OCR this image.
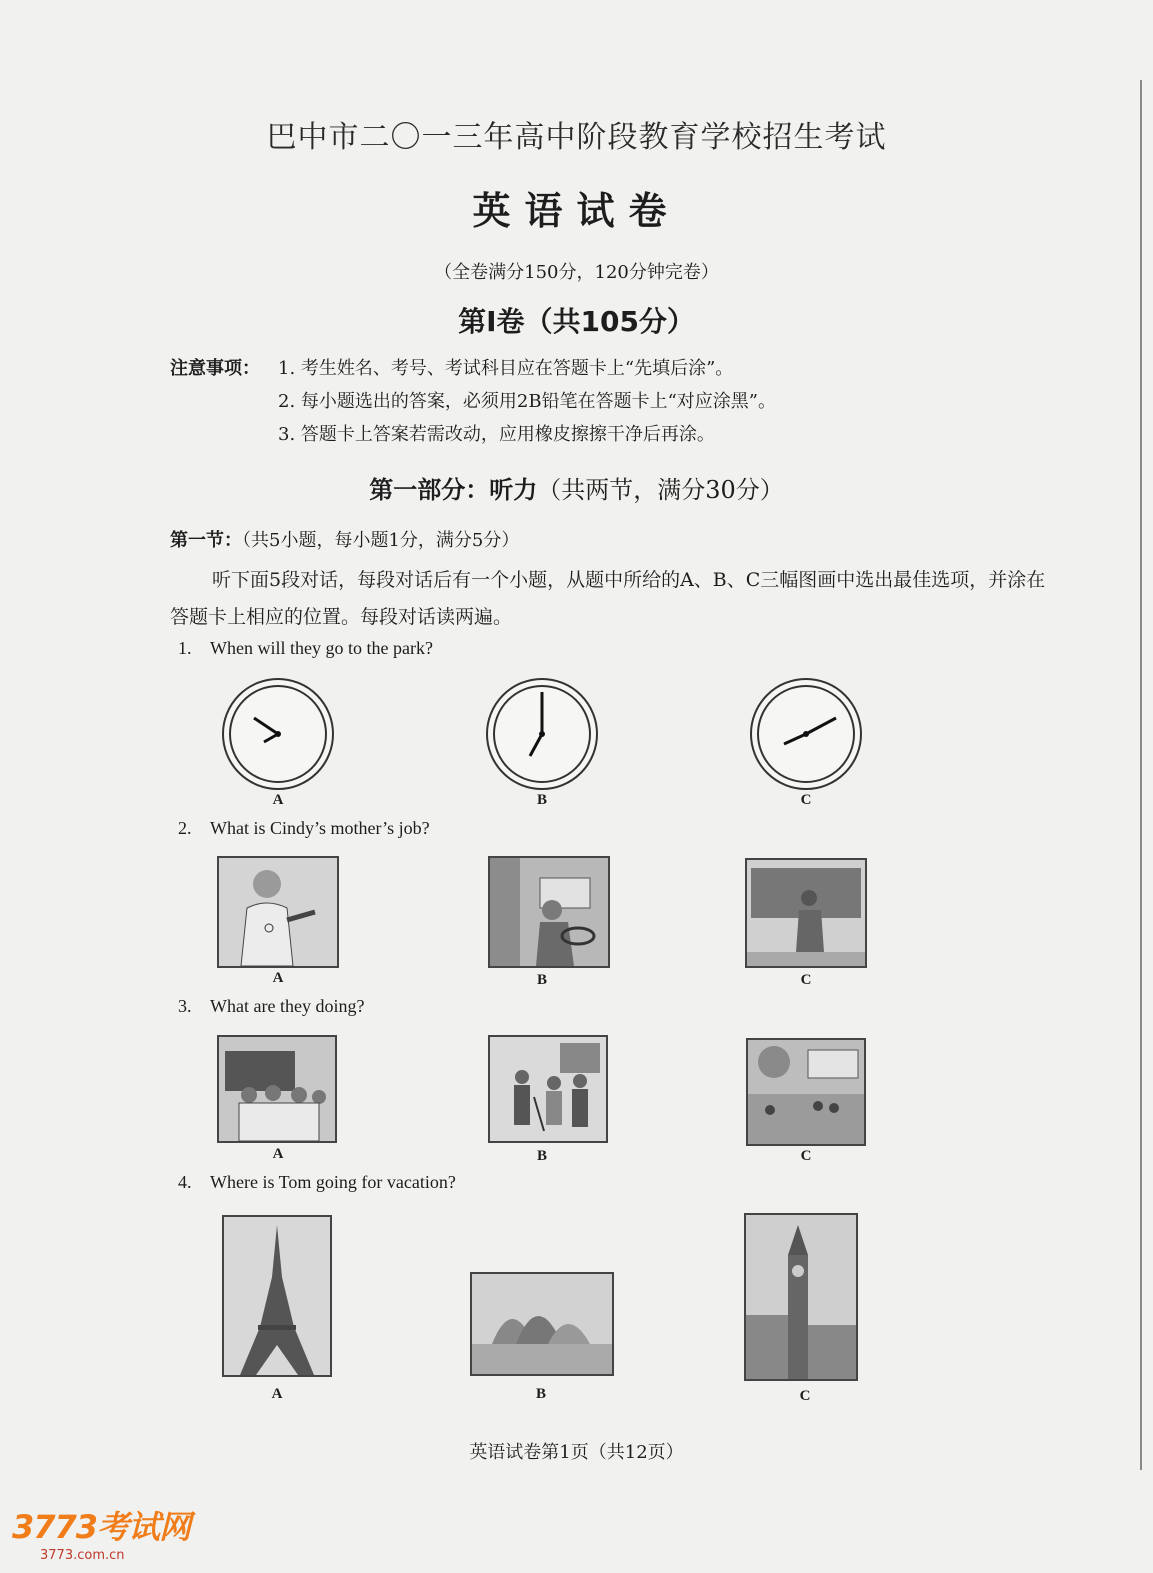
巴中市二〇一三年高中阶段教育学校招生考试
英语试卷
（全卷满分150分，120分钟完卷）
第Ⅰ卷（共105分）
注意事项： 1. 考生姓名、考号、考试科目应在答题卡上“先填后涂”。
2. 每小题选出的答案，必须用2B铅笔在答题卡上“对应涂黑”。
3. 答题卡上答案若需改动，应用橡皮擦擦干净后再涂。
第一部分：听力（共两节，满分30分）
第一节：（共5小题，每小题1分，满分5分）
听下面5段对话，每段对话后有一个小题，从题中所给的A、B、C三幅图画中选出最佳选项，并涂在答题卡上相应的位置。每段对话读两遍。
1. When will they go to the park?
A	B	C
2. What is Cindy’s mother’s job?
A	B	C
3. What are they doing?
A	B	C
4. Where is Tom going for vacation?
A	B	C
英语试卷第1页（共12页）
3773考试网
3773.com.cn
